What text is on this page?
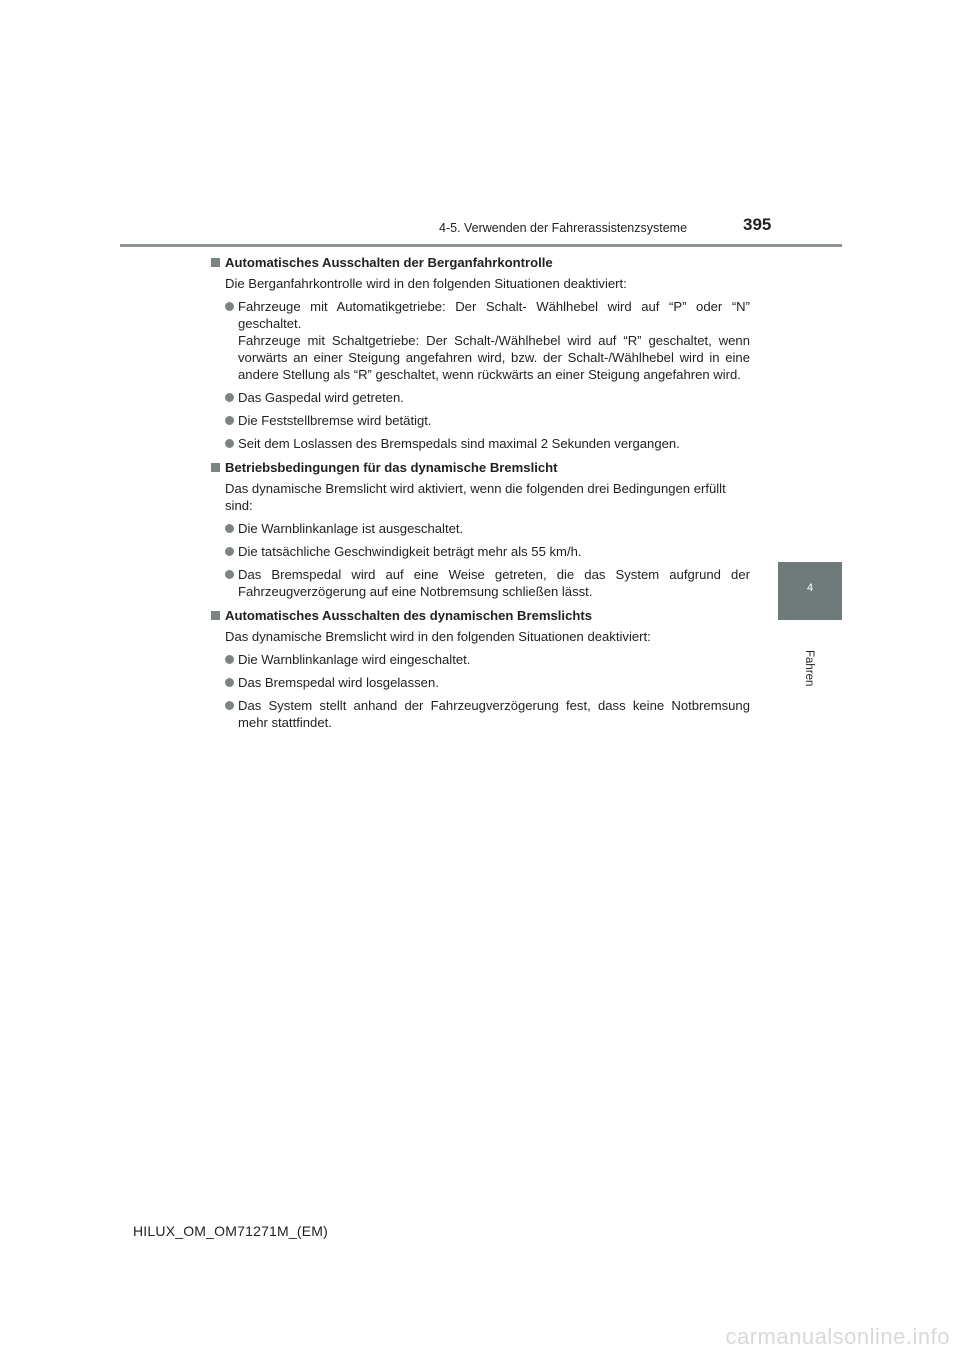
4-5. Verwenden der Fahrerassistenzsysteme	395
4
Fahren
Automatisches Ausschalten der Berganfahrkontrolle
Die Berganfahrkontrolle wird in den folgenden Situationen deaktiviert:
Fahrzeuge mit Automatikgetriebe: Der Schalt- Wählhebel wird auf “P” oder “N” geschaltet.
Fahrzeuge mit Schaltgetriebe: Der Schalt-/Wählhebel wird auf “R” geschaltet, wenn vorwärts an einer Steigung angefahren wird, bzw. der Schalt-/Wählhebel wird in eine andere Stellung als “R” geschaltet, wenn rückwärts an einer Steigung angefahren wird.
Das Gaspedal wird getreten.
Die Feststellbremse wird betätigt.
Seit dem Loslassen des Bremspedals sind maximal 2 Sekunden vergangen.
Betriebsbedingungen für das dynamische Bremslicht
Das dynamische Bremslicht wird aktiviert, wenn die folgenden drei Bedingungen erfüllt sind:
Die Warnblinkanlage ist ausgeschaltet.
Die tatsächliche Geschwindigkeit beträgt mehr als 55 km/h.
Das Bremspedal wird auf eine Weise getreten, die das System aufgrund der Fahrzeugverzögerung auf eine Notbremsung schließen lässt.
Automatisches Ausschalten des dynamischen Bremslichts
Das dynamische Bremslicht wird in den folgenden Situationen deaktiviert:
Die Warnblinkanlage wird eingeschaltet.
Das Bremspedal wird losgelassen.
Das System stellt anhand der Fahrzeugverzögerung fest, dass keine Notbremsung mehr stattfindet.
HILUX_OM_OM71271M_(EM)
carmanualsonline.info
